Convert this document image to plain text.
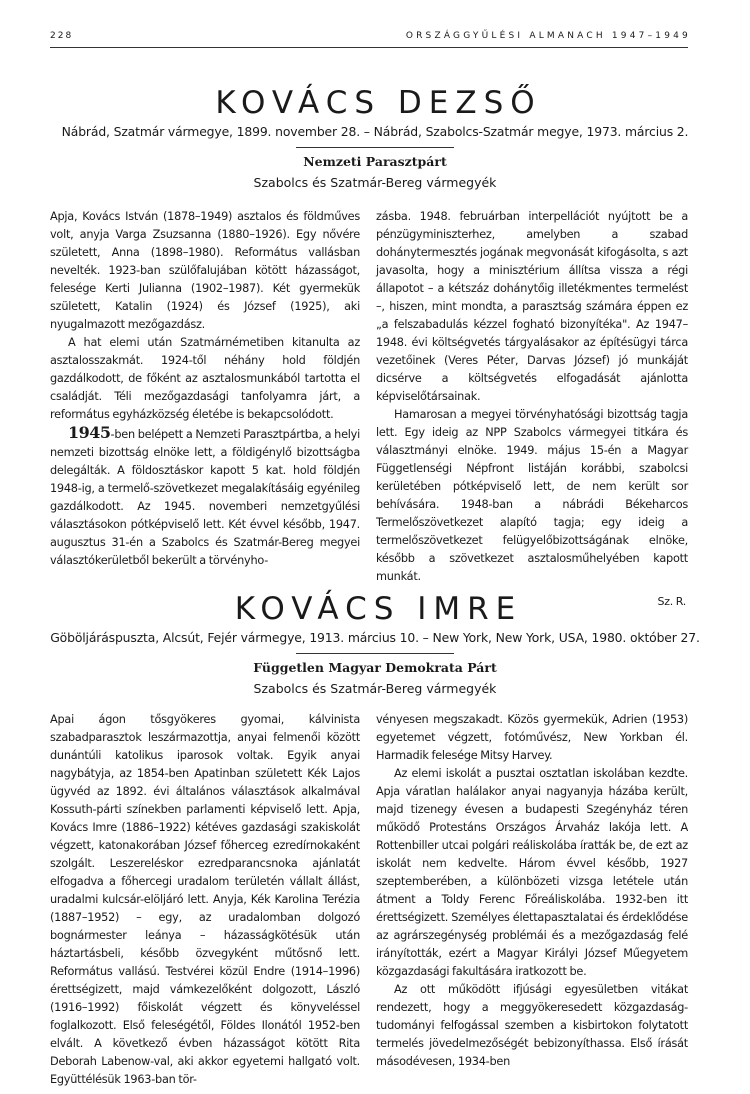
228	ORSZÁGGYŰLÉSI ALMANACH 1947–1949
KOVÁCS DEZSŐ
Nábrád, Szatmár vármegye, 1899. november 28. – Nábrád, Szabolcs-Szatmár megye, 1973. március 2.
Nemzeti Parasztpárt
Szabolcs és Szatmár-Bereg vármegyék

Apja, Kovács István (1878–1949) asztalos és földműves volt, anyja Varga Zsuzsanna (1880–1926). Egy nővére született, Anna (1898–1980). Református vallásban nevelték. 1923-ban szülőfalujában kötött házasságot, felesége Kerti Julianna (1902–1987). Két gyermekük született, Katalin (1924) és József (1925), aki nyugalmazott mezőgazdász.

A hat elemi után Szatmárnémetiben kitanulta az asztalosszakmát. 1924-től néhány hold földjén gazdálkodott, de főként az asztalosmunkából tartotta el családját. Téli mezőgazdasági tanfolyamra járt, a református egyházközség életébe is bekapcsolódott.

1945-ben belépett a Nemzeti Parasztpártba, a helyi nemzeti bizottság elnöke lett, a földigénylő bizottságba delegálták. A földosztáskor kapott 5 kat. hold földjén 1948-ig, a termelő-szövetkezet megalakításáig egyénileg gazdálkodott. Az 1945. novemberi nemzetgyűlési választásokon pótképviselő lett. Két évvel később, 1947. augusztus 31-én a Szabolcs és Szatmár-Bereg megyei választókerületből bekerült a törvényho-

zásba. 1948. februárban interpellációt nyújtott be a pénzügyminiszterhez, amelyben a szabad dohánytermesztés jogának megvonását kifogásolta, s azt javasolta, hogy a minisztérium állítsa vissza a régi állapotot – a kétszáz dohánytőig illetékmentes termelést –, hiszen, mint mondta, a parasztság számára éppen ez „a felszabadulás kézzel fogható bizonyítéka". Az 1947–1948. évi költségvetés tárgyalásakor az építésügyi tárca vezetőinek (Veres Péter, Darvas József) jó munkáját dicsérve a költségvetés elfogadását ajánlotta képviselőtársainak.

Hamarosan a megyei törvényhatósági bizottság tagja lett. Egy ideig az NPP Szabolcs vármegyei titkára és választmányi elnöke. 1949. május 15-én a Magyar Függetlenségi Népfront listáján korábbi, szabolcsi kerületében pótképviselő lett, de nem került sor behívására. 1948-ban a nábrádi Békeharcos Termelőszövetkezet alapító tagja; egy ideig a termelőszövetkezet felügyelőbizottságának elnöke, később a szövetkezet asztalosműhelyében kapott munkát.

Sz. R.
KOVÁCS IMRE
Göböljáráspuszta, Alcsút, Fejér vármegye, 1913. március 10. – New York, New York, USA, 1980. október 27.
Független Magyar Demokrata Párt
Szabolcs és Szatmár-Bereg vármegyék

Apai ágon tősgyökeres gyomai, kálvinista szabadparasztok leszármazottja, anyai felmenői között dunántúli katolikus iparosok voltak. Egyik anyai nagybátyja, az 1854-ben Apatinban született Kék Lajos ügyvéd az 1892. évi általános választások alkalmával Kossuth-párti színekben parlamenti képviselő lett. Apja, Kovács Imre (1886–1922) kétéves gazdasági szakiskolát végzett, katonakorában József főherceg ezredírnokaként szolgált. Leszereléskor ezredparancsnoka ajánlatát elfogadva a főhercegi uradalom területén vállalt állást, uradalmi kulcsár-elöljáró lett. Anyja, Kék Karolina Terézia (1887–1952) – egy, az uradalomban dolgozó bognármester leánya – házasságkötésük után háztartásbeli, később özvegyként műtősnő lett. Református vallású. Testvérei közül Endre (1914–1996) érettségizett, majd vámkezelőként dolgozott, László (1916–1992) főiskolát végzett és könyveléssel foglalkozott. Első feleségétől, Földes Ilonától 1952-ben elvált. A következő évben házasságot kötött Rita Deborah Labenow-val, aki akkor egyetemi hallgató volt. Együttélésük 1963-ban tör-

vényesen megszakadt. Közös gyermekük, Adrien (1953) egyetemet végzett, fotóművész, New Yorkban él. Harmadik felesége Mitsy Harvey.

Az elemi iskolát a pusztai osztatlan iskolában kezdte. Apja váratlan halálakor anyai nagyanyja házába került, majd tizenegy évesen a budapesti Szegényház téren működő Protestáns Országos Árvaház lakója lett. A Rottenbiller utcai polgári reáliskolába íratták be, de ezt az iskolát nem kedvelte. Három évvel később, 1927 szeptemberében, a különbözeti vizsga letétele után átment a Toldy Ferenc Főreáliskolába. 1932-ben itt érettségizett. Személyes élettapasztalatai és érdeklődése az agrárszegénység problémái és a mezőgazdaság felé irányították, ezért a Magyar Királyi József Műegyetem közgazdasági fakultására iratkozott be.

Az ott működött ifjúsági egyesületben vitákat rendezett, hogy a meggyökeresedett közgazdaság-tudományi felfogással szemben a kisbirtokon folytatott termelés jövedelmezőségét bebizonyíthassa. Első írását másodévesen, 1934-ben
